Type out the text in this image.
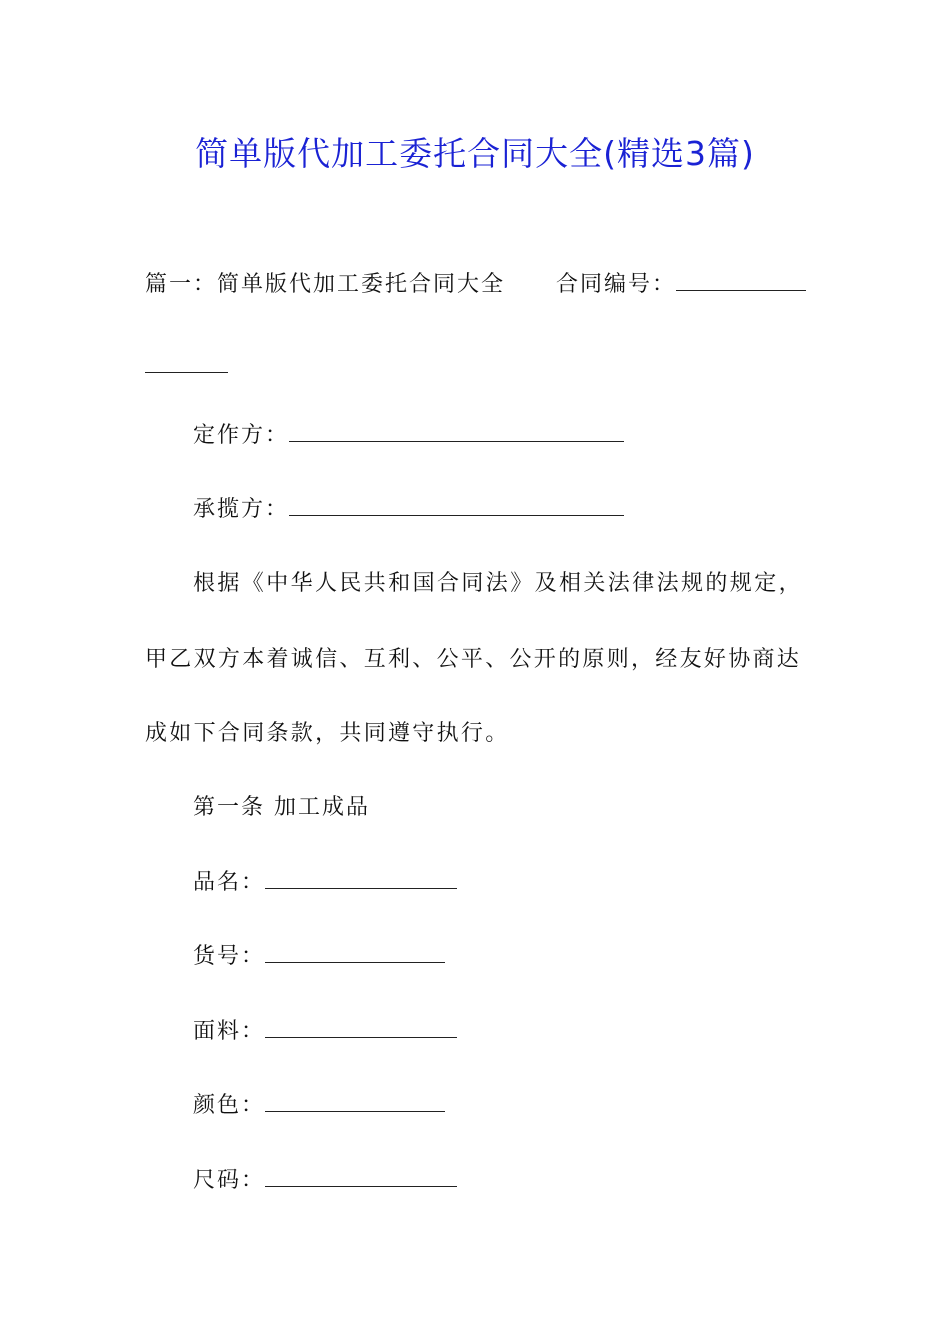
简单版代加工委托合同大全(精选3篇)
篇一：简单版代加工委托合同大全 合同编号：
定作方：
承揽方：
根据《中华人民共和国合同法》及相关法律法规的规定，
甲乙双方本着诚信、互利、公平、公开的原则，经友好协商达
成如下合同条款，共同遵守执行。
第一条 加工成品
品名：
货号：
面料：
颜色：
尺码：
